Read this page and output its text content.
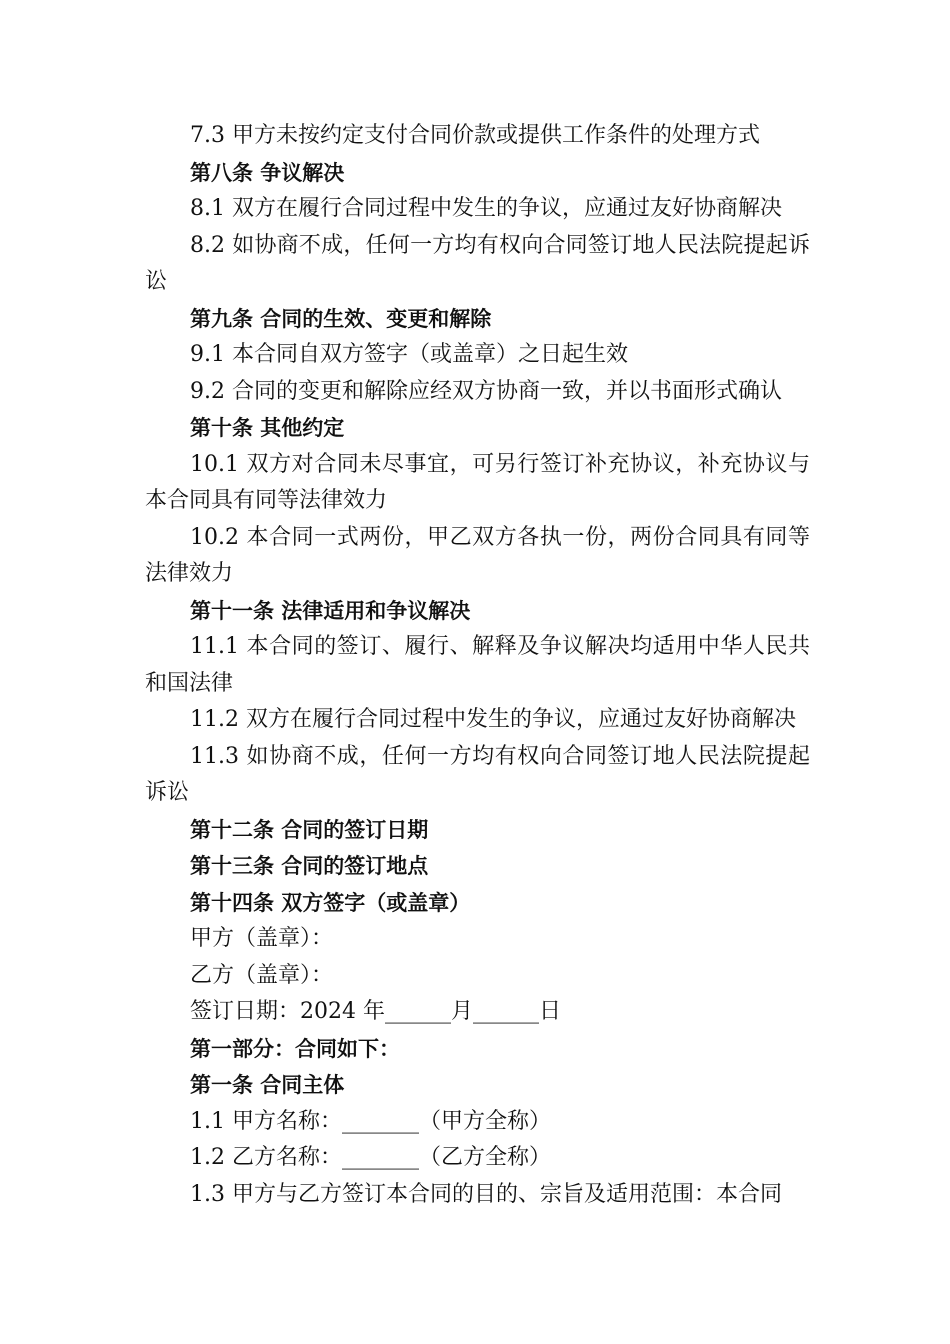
7.3 甲方未按约定支付合同价款或提供工作条件的处理方式
第八条 争议解决
8.1 双方在履行合同过程中发生的争议，应通过友好协商解决
8.2 如协商不成，任何一方均有权向合同签订地人民法院提起诉讼
第九条 合同的生效、变更和解除
9.1 本合同自双方签字（或盖章）之日起生效
9.2 合同的变更和解除应经双方协商一致，并以书面形式确认
第十条 其他约定
10.1 双方对合同未尽事宜，可另行签订补充协议，补充协议与本合同具有同等法律效力
10.2 本合同一式两份，甲乙双方各执一份，两份合同具有同等法律效力
第十一条 法律适用和争议解决
11.1 本合同的签订、履行、解释及争议解决均适用中华人民共和国法律
11.2 双方在履行合同过程中发生的争议，应通过友好协商解决
11.3 如协商不成，任何一方均有权向合同签订地人民法院提起诉讼
第十二条 合同的签订日期
第十三条 合同的签订地点
第十四条 双方签字（或盖章）
甲方（盖章）：
乙方（盖章）：
签订日期：2024 年______月______日
第一部分：合同如下：
第一条 合同主体
1.1 甲方名称：_______（甲方全称）
1.2 乙方名称：_______（乙方全称）
1.3 甲方与乙方签订本合同的目的、宗旨及适用范围：本合同
